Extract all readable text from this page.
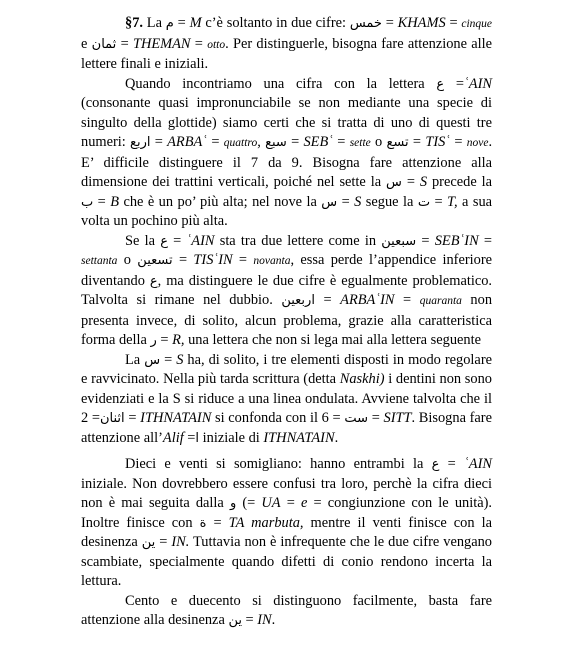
§7. La م = M c’è soltanto in due cifre: خمس = KHAMS = cinque e ثمان = THEMAN = otto. Per distinguerle, bisogna fare attenzione alle lettere finali e iniziali.

Quando incontriamo una cifra con la lettera ع =ʿAIN (consonante quasi impronunciabile se non mediante una specie di singulto della glottide) siamo certi che si tratta di uno di questi tre numeri: اربع = ARBAʿ = quattro, سبع = SEBʿ = sette o تسع = TISʿ = nove. E’ difficile distinguere il 7 da 9. Bisogna fare attenzione alla dimensione dei trattini verticali, poiché nel sette la س = S precede la ب = B che è un po’ più alta; nel nove la س = S segue la ت = T, a sua volta un pochino più alta.

Se la ع = ʿAIN sta tra due lettere come in سبعين = SEBʿIN = settanta o تسعين = TISʿIN = novanta, essa perde l’appendice inferiore diventando ع, ma distinguere le due cifre è egualmente problematico. Talvolta si rimane nel dubbio. اربعين = ARBAʿIN = quaranta non presenta invece, di solito, alcun problema, grazie alla caratteristica forma della ر = R, una lettera che non si lega mai alla lettera seguente

La س = S ha, di solito, i tre elementi disposti in modo regolare e ravvicinato. Nella più tarda scrittura (detta Naskhi) i dentini non sono evidenziati e la S si riduce a una linea ondulata. Avviene talvolta che il 2 =اثنان = ITHNATAIN si confonda con il 6 = ست = SITT. Bisogna fare attenzione all’Alif =ا iniziale di ITHNATAIN.

Dieci e venti si somigliano: hanno entrambi la ع = ʿAIN iniziale. Non dovrebbero essere confusi tra loro, perchè la cifra dieci non è mai seguita dalla و (= UA = e = congiunzione con le unità). Inoltre finisce con ة = TA marbuta, mentre il venti finisce con la desinenza ين = IN. Tuttavia non è infrequente che le due cifre vengano scambiate, specialmente quando difetti di conio rendono incerta la lettura.

Cento e duecento si distinguono facilmente, basta fare attenzione alla desinenza ين = IN.
